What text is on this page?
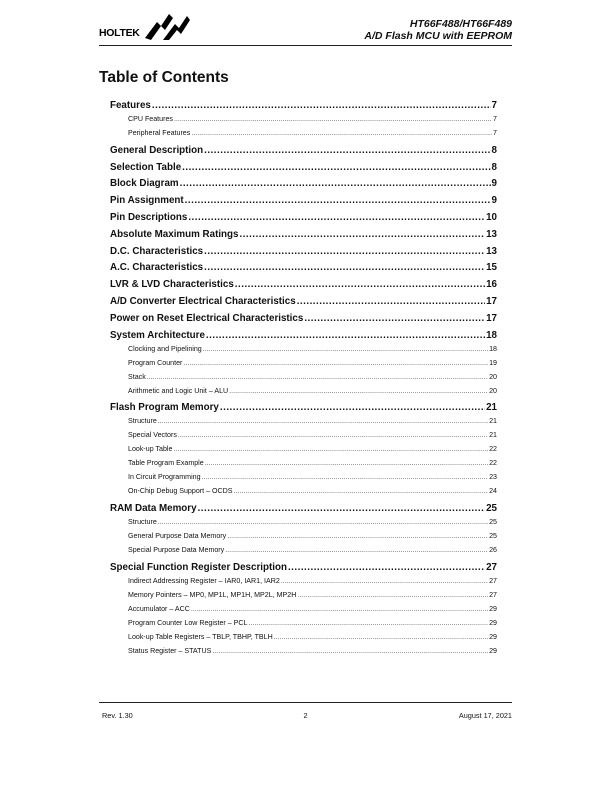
HOLTEK
HT66F488/HT66F489
A/D Flash MCU with EEPROM
Table of Contents
Features .....	7
CPU Features .....	7
Peripheral Features .....	7
General Description .....	8
Selection Table .....	8
Block Diagram .....	9
Pin Assignment .....	9
Pin Descriptions .....	10
Absolute Maximum Ratings .....	13
D.C. Characteristics .....	13
A.C. Characteristics .....	15
LVR & LVD Characteristics .....	16
A/D Converter Electrical Characteristics .....	17
Power on Reset Electrical Characteristics .....	17
System Architecture .....	18
Clocking and Pipelining .....	18
Program Counter .....	19
Stack .....	20
Arithmetic and Logic Unit – ALU .....	20
Flash Program Memory .....	21
Structure .....	21
Special Vectors .....	21
Look-up Table .....	22
Table Program Example .....	22
In Circuit Programming .....	23
On-Chip Debug Support – OCDS .....	24
RAM Data Memory .....	25
Structure .....	25
General Purpose Data Memory .....	25
Special Purpose Data Memory .....	26
Special Function Register Description .....	27
Indirect Addressing Register – IAR0, IAR1, IAR2 .....	27
Memory Pointers – MP0, MP1L, MP1H, MP2L, MP2H .....	27
Accumulator – ACC .....	29
Program Counter Low Register – PCL .....	29
Look-up Table Registers – TBLP, TBHP, TBLH .....	29
Status Register – STATUS .....	29
Rev. 1.30	2	August 17, 2021
